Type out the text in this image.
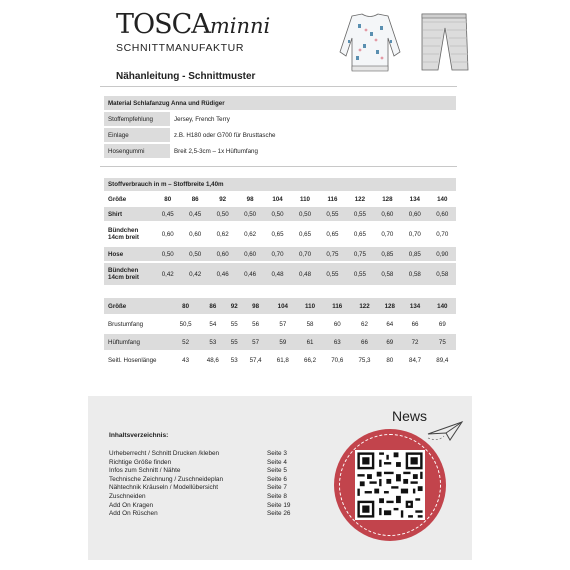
TOSCAminni
SCHNITTMANUFAKTUR
Nähanleitung - Schnittmuster
Material Schlafanzug Anna und Rüdiger	
Stoffempfehlung	Jersey, French Terry
Einlage	z.B. H180 oder G700 für Brusttasche
Hosengummi	Breit 2,5-3cm – 1x Hüftumfang
Stoffverbrauch in m – Stoffbreite 1,40m											
Größe	80	86	92	98	104	110	116	122	128	134	140
Shirt	0,45	0,45	0,50	0,50	0,50	0,50	0,55	0,55	0,60	0,60	0,60
Bündchen 14cm breit	0,60	0,60	0,62	0,62	0,65	0,65	0,65	0,65	0,70	0,70	0,70
Hose	0,50	0,50	0,60	0,60	0,70	0,70	0,75	0,75	0,85	0,85	0,90
Bündchen 14cm breit	0,42	0,42	0,46	0,46	0,48	0,48	0,55	0,55	0,58	0,58	0,58
Größe	80	86	92	98	104	110	116	122	128	134	140
Brustumfang	50,5	54	55	56	57	58	60	62	64	66	69
Hüftumfang	52	53	55	57	59	61	63	66	69	72	75
Seitl. Hosenlänge	43	48,6	53	57,4	61,8	66,2	70,6	75,3	80	84,7	89,4
Inhaltsverzeichnis:
Urheberrecht / Schnitt Drucken /kleben	Seite 3
Richtige Größe finden	Seite 4
Infos zum Schnitt / Nähte	Seite 5
Technische Zeichnung / Zuschneideplan	Seite 6
Nähtechnik Kräuseln / Modellübersicht	Seite 7
Zuschneiden	Seite 8
Add On Kragen	Seite 19
Add On Rüschen	Seite 26
News
